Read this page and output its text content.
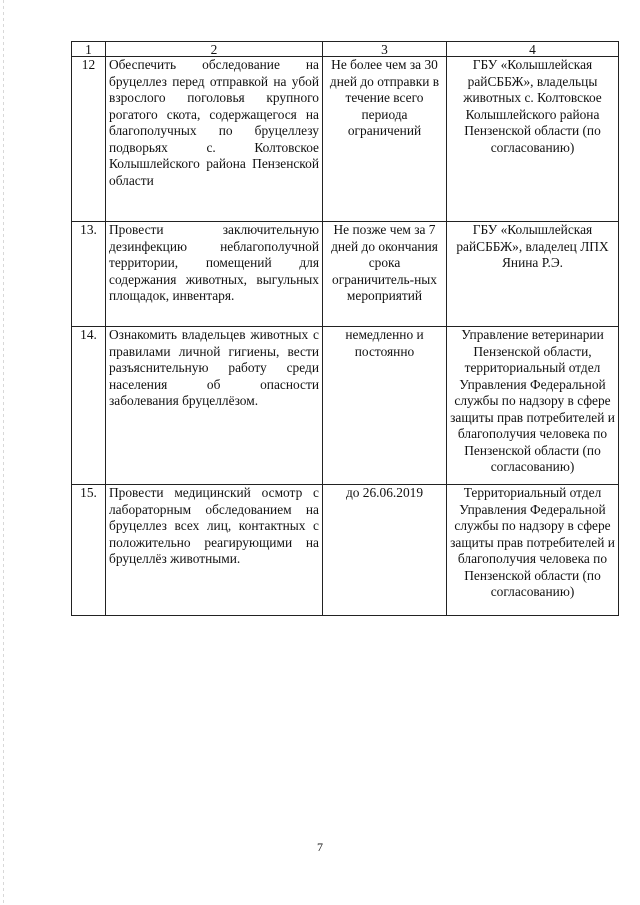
1	2	3	4
12	Обеспечить обследование на бруцеллез перед отправкой на убой взрослого поголовья крупного рогатого скота, содержащегося на благополучных по бруцеллезу подворьях с. Колтовское Колышлейского района Пензенской области	Не более чем за 30 дней до отправки в течение всего периода ограничений	ГБУ «Колышлейская райСББЖ», владельцы животных с. Колтовское Колышлейского района Пензенской области (по согласованию)
13.	Провести заключительную дезинфекцию неблагополучной территории, помещений для содержания животных, выгульных площадок, инвентаря.	Не позже чем за 7 дней до окончания срока ограничитель-ных мероприятий	ГБУ «Колышлейская райСББЖ», владелец ЛПХ Янина Р.Э.
14.	Ознакомить владельцев животных с правилами личной гигиены, вести разъяснительную работу среди населения об опасности заболевания бруцеллёзом.	немедленно и постоянно	Управление ветеринарии Пензенской области, территориальный отдел Управления Федеральной службы по надзору в сфере защиты прав потребителей и благополучия человека по Пензенской области (по согласованию)
15.	Провести медицинский осмотр с лабораторным обследованием на бруцеллез всех лиц, контактных с положительно реагирующими на бруцеллёз животными.	до 26.06.2019	Территориальный отдел Управления Федеральной службы по надзору в сфере защиты прав потребителей и благополучия человека по Пензенской области (по согласованию)
7
